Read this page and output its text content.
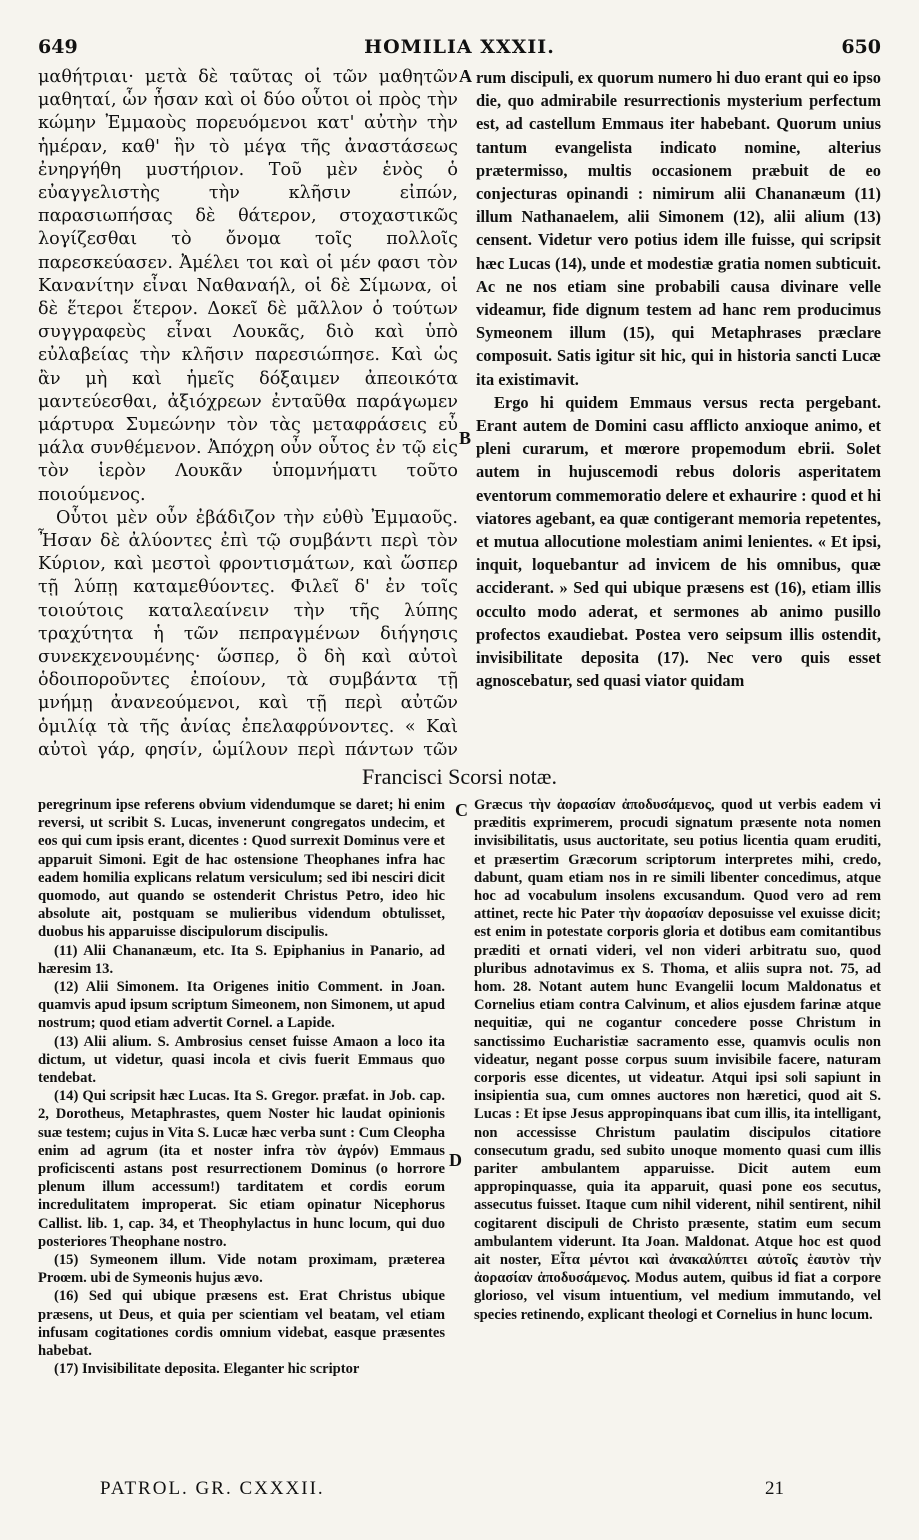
649	HOMILIA XXXII.	650

μαθήτριαι· μετὰ δὲ ταῦτας οἱ τῶν μαθητῶν μαθηταί, ὧν ἦσαν καὶ οἱ δύο οὗτοι οἱ πρὸς τὴν κώμην Ἐμμαοὺς πορευόμενοι κατ' αὐτὴν τὴν ἡμέραν, καθ' ἣν τὸ μέγα τῆς ἀναστάσεως ἐνηργήθη μυστήριον. Τοῦ μὲν ἑνὸς ὁ εὐαγγελιστὴς τὴν κλῆσιν εἰπών, παρασιωπήσας δὲ θάτερον, στοχαστικῶς λογίζεσθαι τὸ ὄνομα τοῖς πολλοῖς παρεσκεύασεν. Ἀμέλει τοι καὶ οἱ μέν φασι τὸν Κανανίτην εἶναι Ναθαναήλ, οἱ δὲ Σίμωνα, οἱ δὲ ἕτεροι ἕτερον. Δοκεῖ δὲ μᾶλλον ὁ τούτων συγγραφεὺς εἶναι Λουκᾶς, διὸ καὶ ὑπὸ εὐλαβείας τὴν κλῆσιν παρεσιώπησε. Καὶ ὡς ἂν μὴ καὶ ἡμεῖς δόξαιμεν ἀπεοικότα μαντεύεσθαι, ἀξιόχρεων ἐνταῦθα παράγωμεν μάρτυρα Συμεώνην τὸν τὰς μεταφράσεις εὖ μάλα συνθέμενον. Ἀπόχρη οὖν οὗτος ἐν τῷ εἰς τὸν ἱερὸν Λουκᾶν ὑπομνήματι τοῦτο ποιούμενος.

Οὗτοι μὲν οὖν ἐβάδιζον τὴν εὐθὺ Ἐμμαοῦς. Ἦσαν δὲ ἀλύοντες ἐπὶ τῷ συμβάντι περὶ τὸν Κύριον, καὶ μεστοὶ φροντισμάτων, καὶ ὥσπερ τῇ λύπῃ καταμεθύοντες. Φιλεῖ δ' ἐν τοῖς τοιούτοις καταλεαίνειν τὴν τῆς λύπης τραχύτητα ἡ τῶν πεπραγμένων διήγησις συνεκχενουμένης· ὥσπερ, ὃ δὴ καὶ αὐτοὶ ὁδοιποροῦντες ἐποίουν, τὰ συμβάντα τῇ μνήμῃ ἀνανεούμενοι, καὶ τῇ περὶ αὐτῶν ὁμιλίᾳ τὰ τῆς ἀνίας ἐπελαφρύνοντες. « Καὶ αὐτοὶ γάρ, φησίν, ὡμίλουν περὶ πάντων τῶν

A
B
C
D

rum discipuli, ex quorum numero hi duo erant qui eo ipso die, quo admirabile resurrectionis mysterium perfectum est, ad castellum Emmaus iter habebant. Quorum unius tantum evangelista indicato nomine, alterius prætermisso, multis occasionem præbuit de eo conjecturas opinandi : nimirum alii Chananæum (11) illum Nathanaelem, alii Simonem (12), alii alium (13) censent. Videtur vero potius idem ille fuisse, qui scripsit hæc Lucas (14), unde et modestiæ gratia nomen subticuit. Ac ne nos etiam sine probabili causa divinare velle videamur, fide dignum testem ad hanc rem producimus Symeonem illum (15), qui Metaphrases præclare composuit. Satis igitur sit hic, qui in historia sancti Lucæ ita existimavit.

Ergo hi quidem Emmaus versus recta pergebant. Erant autem de Domini casu afflicto anxioque animo, et pleni curarum, et mœrore propemodum ebrii. Solet autem in hujuscemodi rebus doloris asperitatem eventorum commemoratio delere et exhaurire : quod et hi viatores agebant, ea quæ contigerant memoria repetentes, et mutua allocutione molestiam animi lenientes. « Et ipsi, inquit, loquebantur ad invicem de his omnibus, quæ acciderant. » Sed qui ubique præsens est (16), etiam illis occulto modo aderat, et sermones ab animo pusillo profectos exaudiebat. Postea vero seipsum illis ostendit, invisibilitate deposita (17). Nec vero quis esset agnoscebatur, sed quasi viator quidam

Francisci Scorsi notæ.

peregrinum ipse referens obvium videndumque se daret; hi enim reversi, ut scribit S. Lucas, invenerunt congregatos undecim, et eos qui cum ipsis erant, dicentes : Quod surrexit Dominus vere et apparuit Simoni. Egit de hac ostensione Theophanes infra hac eadem homilia explicans relatum versiculum; sed ibi nesciri dicit quomodo, aut quando se ostenderit Christus Petro, ideo hic absolute ait, postquam se mulieribus videndum obtulisset, duobus his apparuisse discipulorum discipulis.

(11) Alii Chananæum, etc. Ita S. Epiphanius in Panario, ad hæresim 13.

(12) Alii Simonem. Ita Origenes initio Comment. in Joan. quamvis apud ipsum scriptum Simeonem, non Simonem, ut apud nostrum; quod etiam advertit Cornel. a Lapide.

(13) Alii alium. S. Ambrosius censet fuisse Amaon a loco ita dictum, ut videtur, quasi incola et civis fuerit Emmaus quo tendebat.

(14) Qui scripsit hæc Lucas. Ita S. Gregor. præfat. in Job. cap. 2, Dorotheus, Metaphrastes, quem Noster hic laudat opinionis suæ testem; cujus in Vita S. Lucæ hæc verba sunt : Cum Cleopha enim ad agrum (ita et noster infra τὸν ἀγρόν) Emmaus proficiscenti astans post resurrectionem Dominus (o horrore plenum illum accessum!) tarditatem et cordis eorum incredulitatem improperat. Sic etiam opinatur Nicephorus Callist. lib. 1, cap. 34, et Theophylactus in hunc locum, qui duo posteriores Theophane nostro.

(15) Symeonem illum. Vide notam proximam, præterea Proœm. ubi de Symeonis hujus ævo.

(16) Sed qui ubique præsens est. Erat Christus ubique præsens, ut Deus, et quia per scientiam vel beatam, vel etiam infusam cogitationes cordis omnium videbat, easque præsentes habebat.

(17) Invisibilitate deposita. Eleganter hic scriptor

Græcus τὴν ἀορασίαν ἀποδυσάμενος, quod ut verbis eadem vi præditis exprimerem, procudi signatum præsente nota nomen invisibilitatis, usus auctoritate, seu potius licentia quam eruditi, et præsertim Græcorum scriptorum interpretes mihi, credo, dabunt, quam etiam nos in re simili libenter concedimus, atque hoc ad vocabulum insolens excusandum. Quod vero ad rem attinet, recte hic Pater τὴν ἀορασίαν deposuisse vel exuisse dicit; est enim in potestate corporis gloria et dotibus eam comitantibus præditi et ornati videri, vel non videri arbitratu suo, quod pluribus adnotavimus ex S. Thoma, et aliis supra not. 75, ad hom. 28. Notant autem hunc Evangelii locum Maldonatus et Cornelius etiam contra Calvinum, et alios ejusdem farinæ atque nequitiæ, qui ne cogantur concedere posse Christum in sanctissimo Eucharistiæ sacramento esse, quamvis oculis non videatur, negant posse corpus suum invisibile facere, naturam corporis esse dicentes, ut videatur. Atqui ipsi soli sapiunt in insipientia sua, cum omnes auctores non hæretici, quod ait S. Lucas : Et ipse Jesus appropinquans ibat cum illis, ita intelligant, non accessisse Christum paulatim discipulos citatiore consecutum gradu, sed subito unoque momento quasi cum illis pariter ambulantem apparuisse. Dicit autem eum appropinquasse, quia ita apparuit, quasi pone eos secutus, assecutus fuisset. Itaque cum nihil viderent, nihil sentirent, nihil cogitarent discipuli de Christo præsente, statim eum secum ambulantem viderunt. Ita Joan. Maldonat. Atque hoc est quod ait noster, Εἶτα μέντοι καὶ ἀνακαλύπτει αὐτοῖς ἑαυτὸν τὴν ἀορασίαν ἀποδυσάμενος. Modus autem, quibus id fiat a corpore glorioso, vel visum intuentium, vel medium immutando, vel species retinendo, explicant theologi et Cornelius in hunc locum.

PATROL. GR. CXXXII.	21
